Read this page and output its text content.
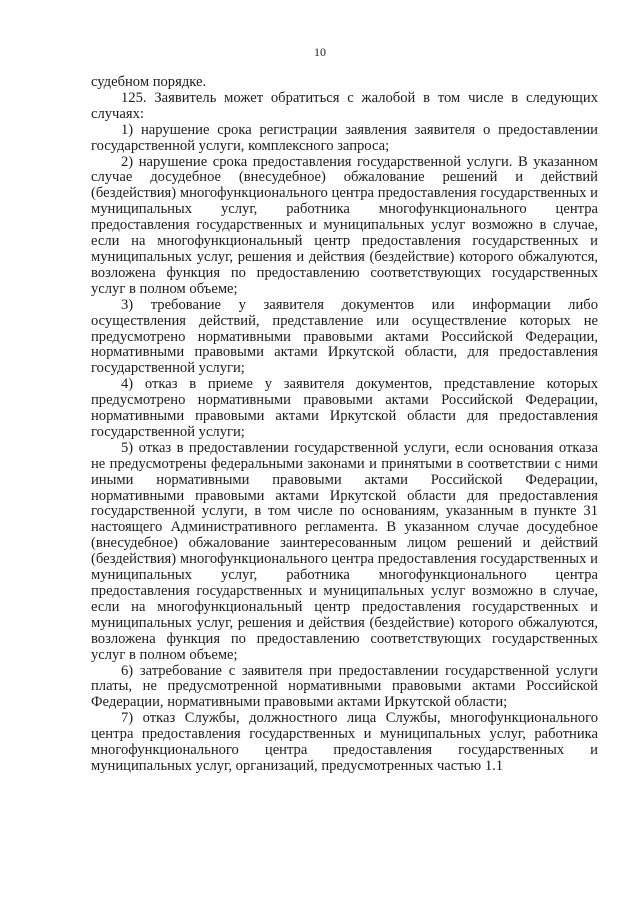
10

судебном порядке.

125. Заявитель может обратиться с жалобой в том числе в следующих случаях:

1) нарушение срока регистрации заявления заявителя о предоставлении государственной услуги, комплексного запроса;

2) нарушение срока предоставления государственной услуги. В указанном случае досудебное (внесудебное) обжалование решений и действий (бездействия) многофункционального центра предоставления государственных и муниципальных услуг, работника многофункционального центра предоставления государственных и муниципальных услуг возможно в случае, если на многофункциональный центр предоставления государственных и муниципальных услуг, решения и действия (бездействие) которого обжалуются, возложена функция по предоставлению соответствующих государственных услуг в полном объеме;

3) требование у заявителя документов или информации либо осуществления действий, представление или осуществление которых не предусмотрено нормативными правовыми актами Российской Федерации, нормативными правовыми актами Иркутской области, для предоставления государственной услуги;

4) отказ в приеме у заявителя документов, представление которых предусмотрено нормативными правовыми актами Российской Федерации, нормативными правовыми актами Иркутской области для предоставления государственной услуги;

5) отказ в предоставлении государственной услуги, если основания отказа не предусмотрены федеральными законами и принятыми в соответствии с ними иными нормативными правовыми актами Российской Федерации, нормативными правовыми актами Иркутской области для предоставления государственной услуги, в том числе по основаниям, указанным в пункте 31 настоящего Административного регламента. В указанном случае досудебное (внесудебное) обжалование заинтересованным лицом решений и действий (бездействия) многофункционального центра предоставления государственных и муниципальных услуг, работника многофункционального центра предоставления государственных и муниципальных услуг возможно в случае, если на многофункциональный центр предоставления государственных и муниципальных услуг, решения и действия (бездействие) которого обжалуются, возложена функция по предоставлению соответствующих государственных услуг в полном объеме;

6) затребование с заявителя при предоставлении государственной услуги платы, не предусмотренной нормативными правовыми актами Российской Федерации, нормативными правовыми актами Иркутской области;

7) отказ Службы, должностного лица Службы, многофункционального центра предоставления государственных и муниципальных услуг, работника многофункционального центра предоставления государственных и муниципальных услуг, организаций, предусмотренных частью 1.1
